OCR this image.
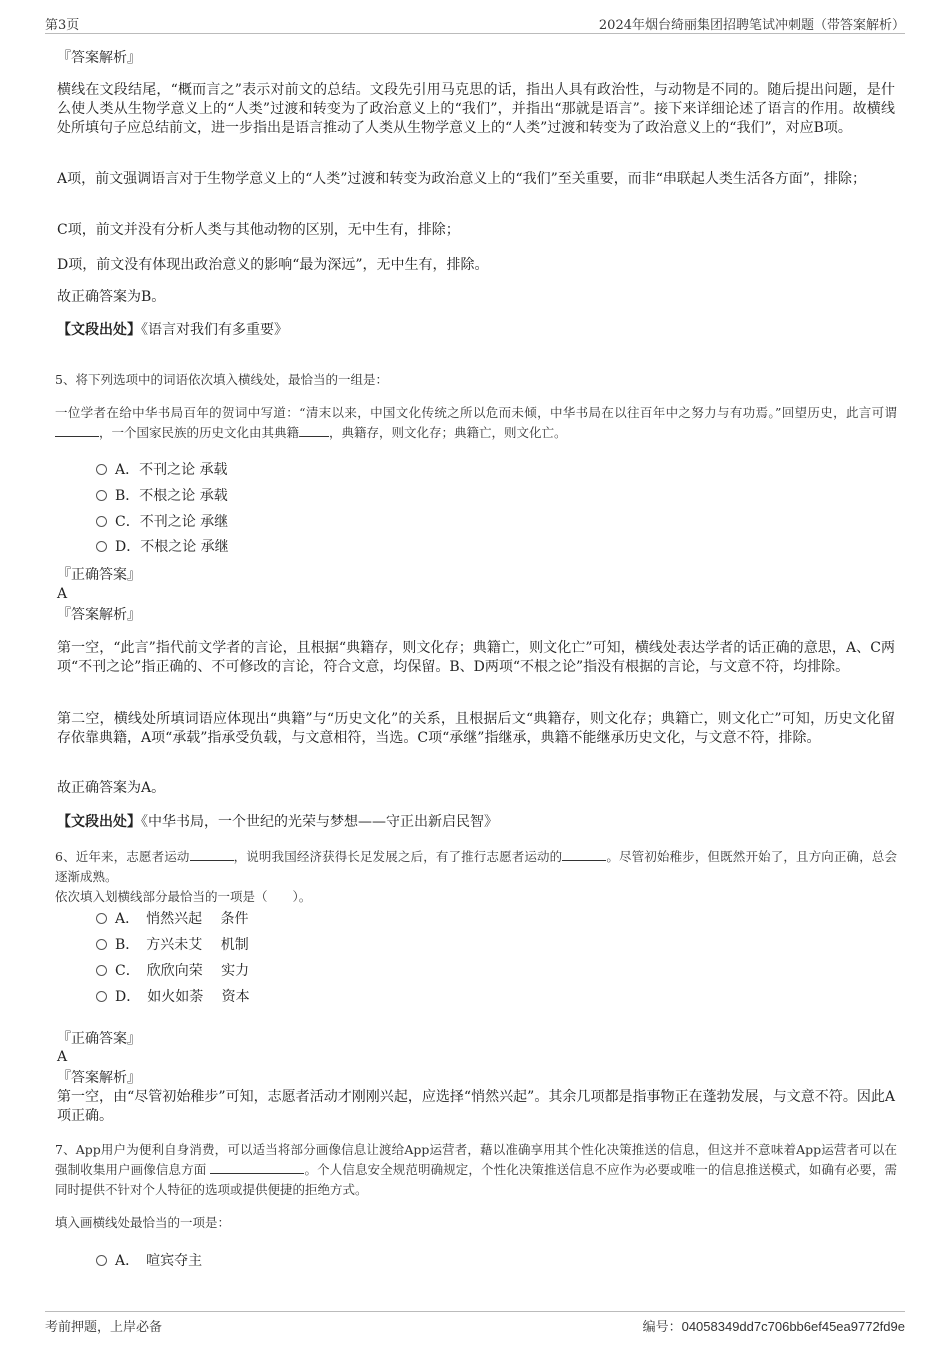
第3页	2024年烟台绮丽集团招聘笔试冲刺题（带答案解析）
『答案解析』
横线在文段结尾，“概而言之”表示对前文的总结。文段先引用马克思的话，指出人具有政治性，与动物是不同的。随后提出问题，是什么使人类从生物学意义上的“人类”过渡和转变为了政治意义上的“我们”，并指出“那就是语言”。接下来详细论述了语言的作用。故横线处所填句子应总结前文，进一步指出是语言推动了人类从生物学意义上的“人类”过渡和转变为了政治意义上的“我们”，对应B项。
A项，前文强调语言对于生物学意义上的“人类”过渡和转变为政治意义上的“我们”至关重要，而非“串联起人类生活各方面”，排除；
C项，前文并没有分析人类与其他动物的区别，无中生有，排除；
D项，前文没有体现出政治意义的影响“最为深远”，无中生有，排除。
故正确答案为B。
【文段出处】《语言对我们有多重要》
5、将下列选项中的词语依次填入横线处，最恰当的一组是：
一位学者在给中华书局百年的贺词中写道：“清末以来，中国文化传统之所以危而未倾，中华书局在以往百年中之努力与有功焉。”回望历史，此言可谓，一个国家民族的历史文化由其典籍 ，典籍存，则文化存；典籍亡，则文化亡。
A．不刊之论 承载
B．不根之论 承载
C．不刊之论 承继
D．不根之论 承继
『正确答案』
A
『答案解析』
第一空，“此言”指代前文学者的言论，且根据“典籍存，则文化存；典籍亡，则文化亡”可知，横线处表达学者的话正确的意思，A、C两项“不刊之论”指正确的、不可修改的言论，符合文意，均保留。B、D两项“不根之论”指没有根据的言论，与文意不符，均排除。
第二空，横线处所填词语应体现出“典籍”与“历史文化”的关系，且根据后文“典籍存，则文化存；典籍亡，则文化亡”可知，历史文化留存依靠典籍，A项“承载”指承受负载，与文意相符，当选。C项“承继”指继承，典籍不能继承历史文化，与文意不符，排除。
故正确答案为A。
【文段出处】《中华书局，一个世纪的光荣与梦想——守正出新启民智》
6、近年来，志愿者运动	，说明我国经济获得长足发展之后，有了推行志愿者运动的	。尽管初始稚步，但既然开始了，且方向正确，总会逐渐成熟。
依次填入划横线部分最恰当的一项是（　　）。
A．　悄然兴起　 条件
B．　方兴未艾　 机制
C．　欣欣向荣　 实力
D．　如火如荼　 资本
『正确答案』
A
『答案解析』
第一空，由“尽管初始稚步”可知，志愿者活动才刚刚兴起，应选择“悄然兴起”。其余几项都是指事物正在蓬勃发展，与文意不符。因此A项正确。
7、App用户为便利自身消费，可以适当将部分画像信息让渡给App运营者，藉以准确享用其个性化决策推送的信息，但这并不意味着App运营者可以在强制收集用户画像信息方面	。个人信息安全规范明确规定，个性化决策推送信息不应作为必要或唯一的信息推送模式，如确有必要，需同时提供不针对个人特征的选项或提供便捷的拒绝方式。
填入画横线处最恰当的一项是：
A．　喧宾夺主
考前押题，上岸必备	编号：04058349dd7c706bb6ef45ea9772fd9e
